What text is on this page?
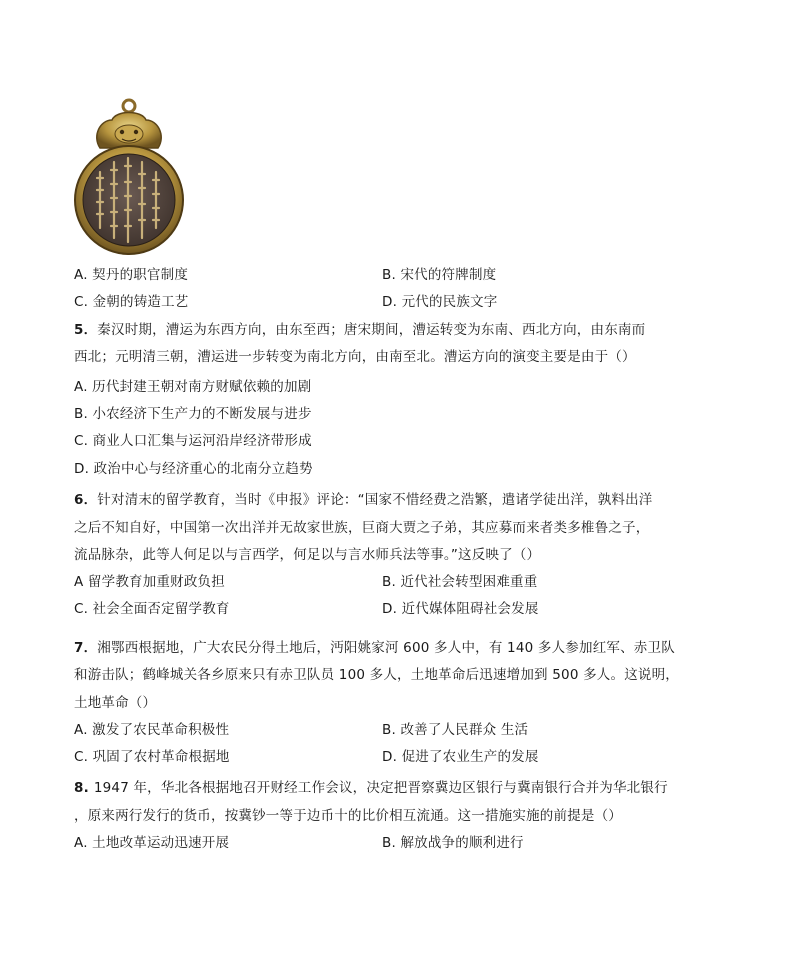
A. 契丹的职官制度	B. 宋代的符牌制度
C. 金朝的铸造工艺	D. 元代的民族文字
5．秦汉时期，漕运为东西方向，由东至西；唐宋期间，漕运转变为东南、西北方向，由东南而
西北；元明清三朝，漕运进一步转变为南北方向，由南至北。漕运方向的演变主要是由于（）
A. 历代封建王朝对南方财赋依赖的加剧
B. 小农经济下生产力的不断发展与进步
C. 商业人口汇集与运河沿岸经济带形成
D. 政治中心与经济重心的北南分立趋势
6．针对清末的留学教育，当时《申报》评论：“国家不惜经费之浩繁，遣诸学徒出洋，孰料出洋
之后不知自好，中国第一次出洋并无故家世族，巨商大贾之子弟，其应募而来者类多椎鲁之子，
流品脉杂，此等人何足以与言西学，何足以与言水师兵法等事。”这反映了（）
A 留学教育加重财政负担	B. 近代社会转型困难重重
C. 社会全面否定留学教育	D. 近代媒体阻碍社会发展
7．湘鄂西根据地，广大农民分得土地后，沔阳姚家河 600 多人中，有 140 多人参加红军、赤卫队
和游击队；鹤峰城关各乡原来只有赤卫队员 100 多人，土地革命后迅速增加到 500 多人。这说明，
土地革命（）
A. 激发了农民革命积极性	B. 改善了人民群众 生活
C. 巩固了农村革命根据地	D. 促进了农业生产的发展
8. 1947 年，华北各根据地召开财经工作会议，决定把晋察冀边区银行与冀南银行合并为华北银行
，原来两行发行的货币，按冀钞一等于边币十的比价相互流通。这一措施实施的前提是（）
A. 土地改革运动迅速开展	B. 解放战争的顺利进行
